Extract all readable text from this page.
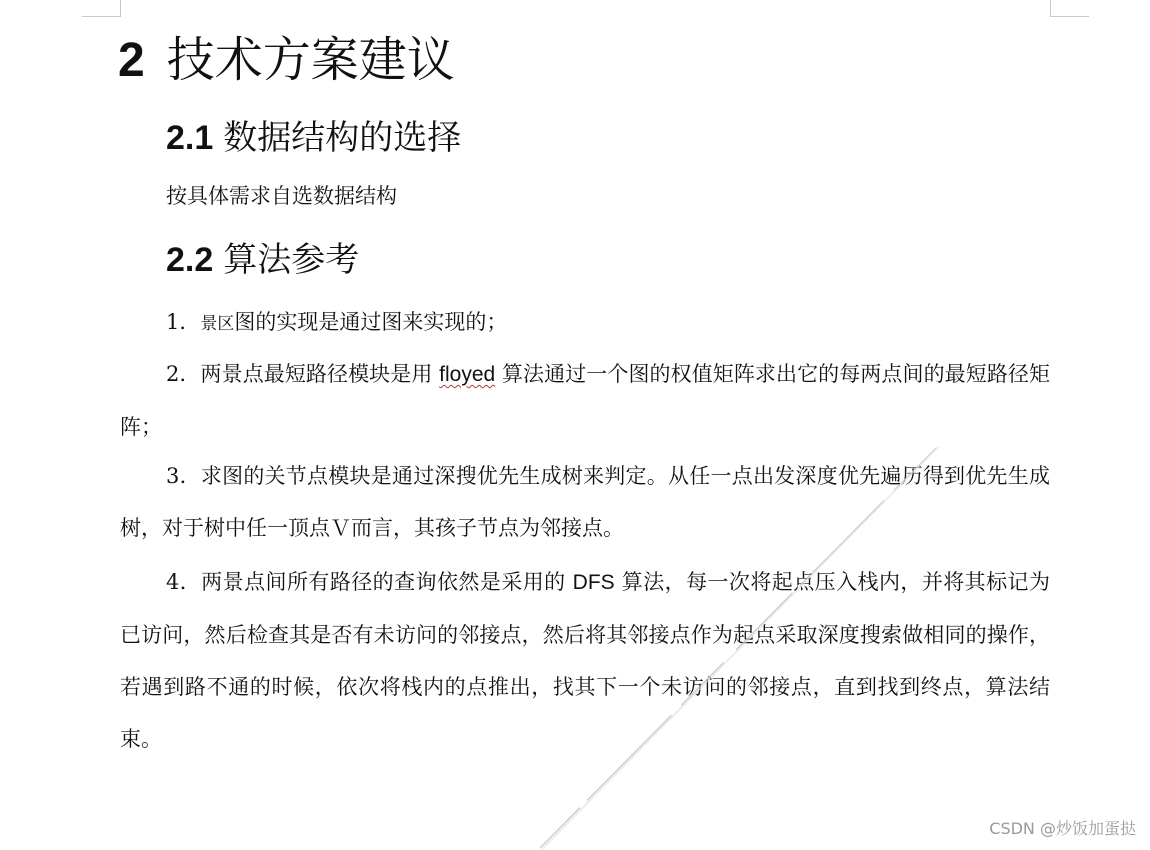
2 技术方案建议
2.1 数据结构的选择
按具体需求自选数据结构
2.2 算法参考
1．景区图的实现是通过图来实现的；
2．两景点最短路径模块是用 floyed 算法通过一个图的权值矩阵求出它的每两点间的最短路径矩阵；
3．求图的关节点模块是通过深搜优先生成树来判定。从任一点出发深度优先遍历得到优先生成树，对于树中任一顶点Ｖ而言，其孩子节点为邻接点。
4．两景点间所有路径的查询依然是采用的 DFS 算法，每一次将起点压入栈内，并将其标记为已访问，然后检查其是否有未访问的邻接点，然后将其邻接点作为起点采取深度搜索做相同的操作，若遇到路不通的时候，依次将栈内的点推出，找其下一个未访问的邻接点，直到找到终点，算法结束。
CSDN @炒饭加蛋挞
